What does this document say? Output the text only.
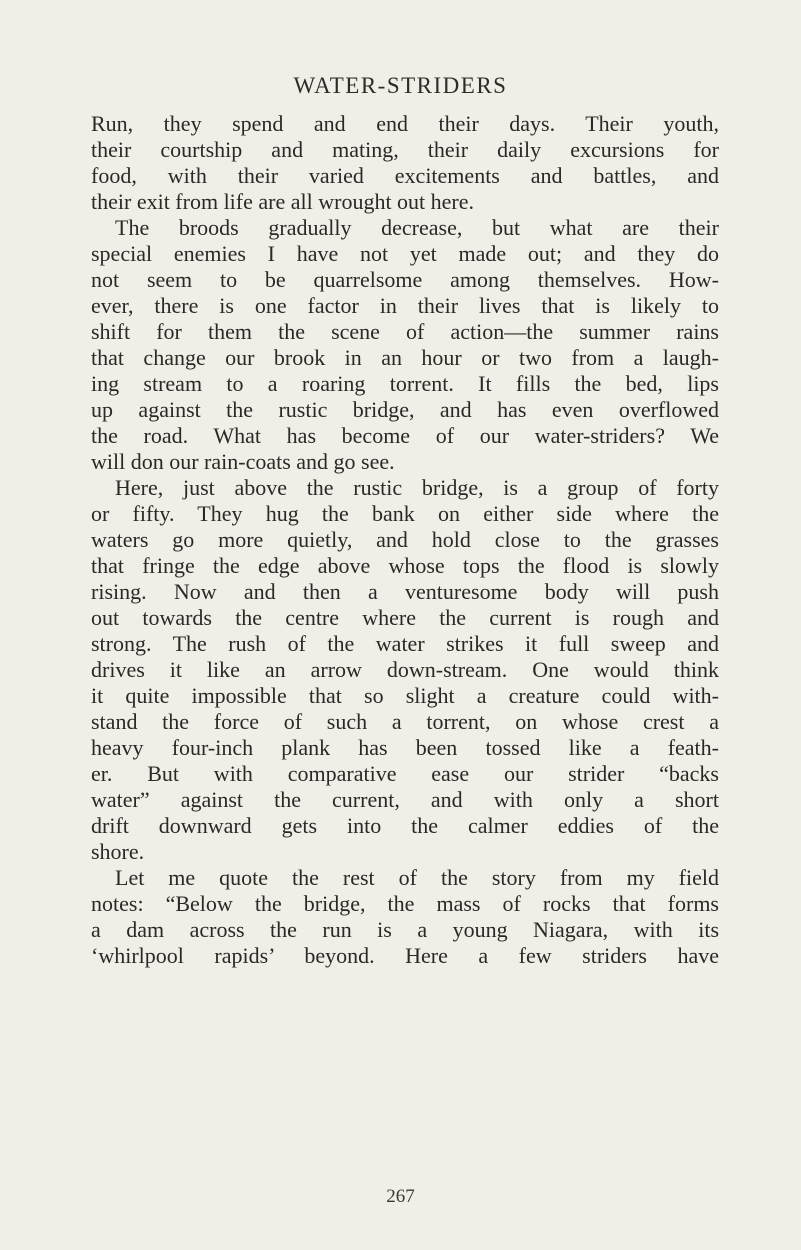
WATER-STRIDERS
Run, they spend and end their days. Their youth,
their courtship and mating, their daily excursions for
food, with their varied excitements and battles, and
their exit from life are all wrought out here.
The broods gradually decrease, but what are their
special enemies I have not yet made out; and they do
not seem to be quarrelsome among themselves. How-
ever, there is one factor in their lives that is likely to
shift for them the scene of action—the summer rains
that change our brook in an hour or two from a laugh-
ing stream to a roaring torrent. It fills the bed, lips
up against the rustic bridge, and has even overflowed
the road. What has become of our water-striders? We
will don our rain-coats and go see.
Here, just above the rustic bridge, is a group of forty
or fifty. They hug the bank on either side where the
waters go more quietly, and hold close to the grasses
that fringe the edge above whose tops the flood is slowly
rising. Now and then a venturesome body will push
out towards the centre where the current is rough and
strong. The rush of the water strikes it full sweep and
drives it like an arrow down-stream. One would think
it quite impossible that so slight a creature could with-
stand the force of such a torrent, on whose crest a
heavy four-inch plank has been tossed like a feath-
er. But with comparative ease our strider “backs
water” against the current, and with only a short
drift downward gets into the calmer eddies of the
shore.
Let me quote the rest of the story from my field
notes: “Below the bridge, the mass of rocks that forms
a dam across the run is a young Niagara, with its
‘whirlpool rapids’ beyond. Here a few striders have
267
